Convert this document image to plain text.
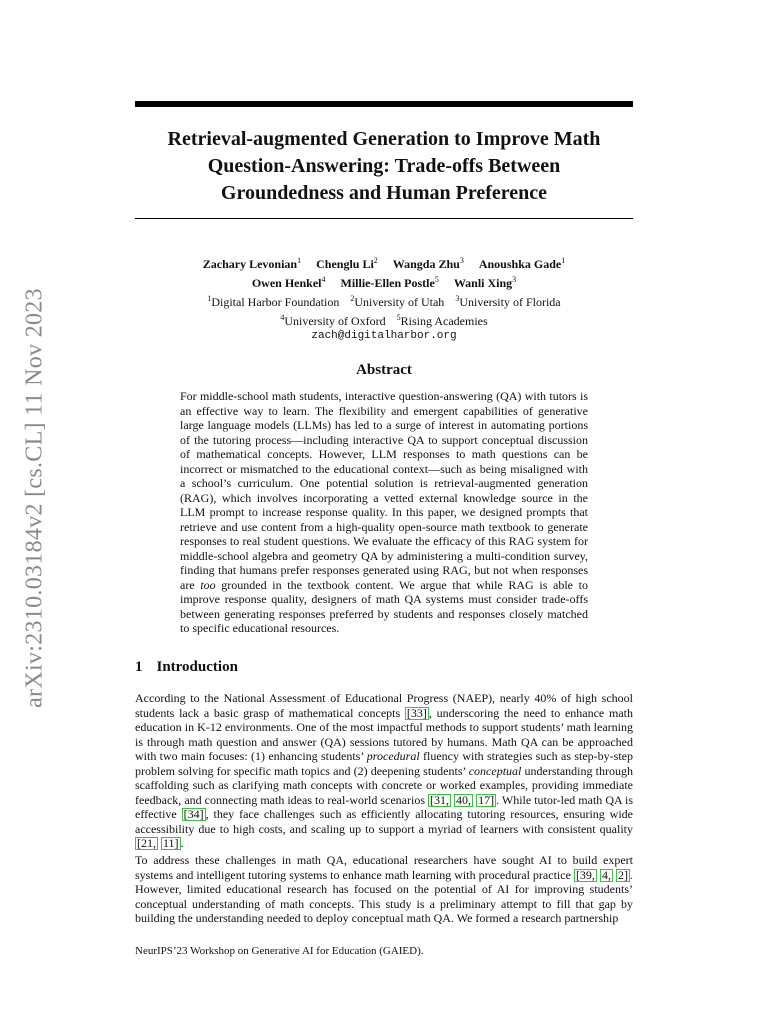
arXiv:2310.03184v2 [cs.CL] 11 Nov 2023
Retrieval-augmented Generation to Improve Math
Question-Answering: Trade-offs Between
Groundedness and Human Preference
Zachary Levonian$^1$ Chenglu Li$^2$ Wangda Zhu$^3$ Anoushka Gade$^1$
Owen Henkel$^4$ Millie-Ellen Postle$^5$ Wanli Xing$^3$
$^1$Digital Harbor Foundation $^2$University of Utah $^3$University of Florida
$^4$University of Oxford $^5$Rising Academies
zach@digitalharbor.org
Abstract
For middle-school math students, interactive question-answering (QA) with tutors is an effective way to learn. The flexibility and emergent capabilities of generative large language models (LLMs) has led to a surge of interest in automating portions of the tutoring process—including interactive QA to support conceptual discussion of mathematical concepts. However, LLM responses to math questions can be incorrect or mismatched to the educational context—such as being misaligned with a school’s curriculum. One potential solution is retrieval-augmented generation (RAG), which involves incorporating a vetted external knowledge source in the LLM prompt to increase response quality. In this paper, we designed prompts that retrieve and use content from a high-quality open-source math textbook to generate responses to real student questions. We evaluate the efficacy of this RAG system for middle-school algebra and geometry QA by administering a multi-condition survey, finding that humans prefer responses generated using RAG, but not when responses are too grounded in the textbook content. We argue that while RAG is able to improve response quality, designers of math QA systems must consider trade-offs between generating responses preferred by students and responses closely matched to specific educational resources.
1 Introduction
According to the National Assessment of Educational Progress (NAEP), nearly 40% of high school students lack a basic grasp of mathematical concepts [33] , underscoring the need to enhance math education in K-12 environments. One of the most impactful methods to support students’ math learning is through math question and answer (QA) sessions tutored by humans. Math QA can be approached with two main focuses: (1) enhancing students’ procedural fluency with strategies such as step-by-step problem solving for specific math topics and (2) deepening students’ conceptual understanding through scaffolding such as clarifying math concepts with concrete or worked examples, providing immediate feedback, and connecting math ideas to real-world scenarios [31, 40, 17] . While tutor-led math QA is effective [34] , they face challenges such as efficiently allocating tutoring resources, ensuring wide accessibility due to high costs, and scaling up to support a myriad of learners with consistent quality [21, 11] .
To address these challenges in math QA, educational researchers have sought AI to build expert systems and intelligent tutoring systems to enhance math learning with procedural practice [39, 4, 2] . However, limited educational research has focused on the potential of AI for improving students’ conceptual understanding of math concepts. This study is a preliminary attempt to fill that gap by building the understanding needed to deploy conceptual math QA. We formed a research partnership
NeurIPS’23 Workshop on Generative AI for Education (GAIED).
